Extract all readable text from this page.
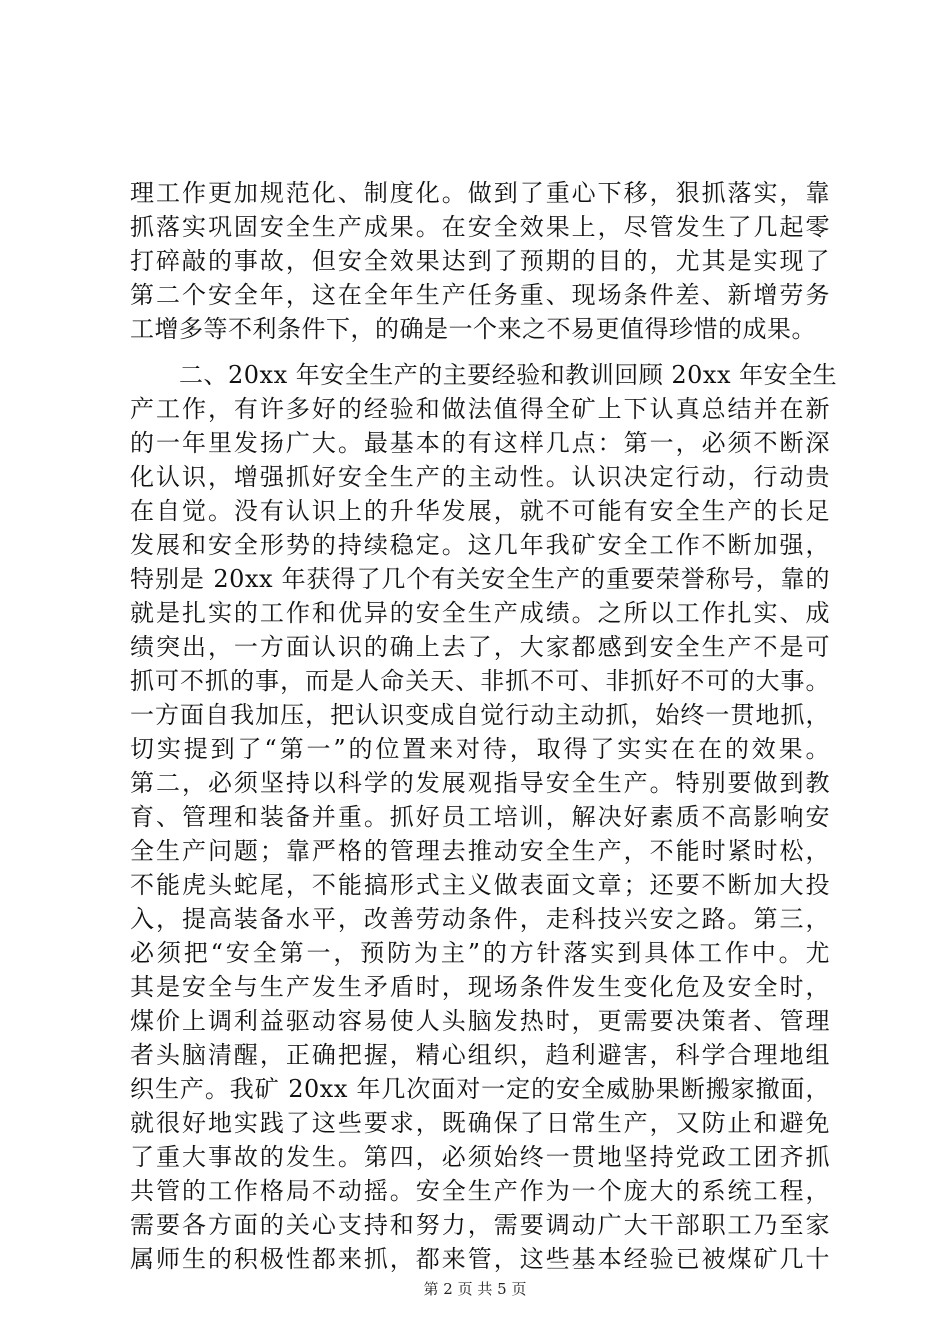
理工作更加规范化、制度化。做到了重心下移，狠抓落实，靠
抓落实巩固安全生产成果。在安全效果上，尽管发生了几起零
打碎敲的事故，但安全效果达到了预期的目的，尤其是实现了
第二个安全年，这在全年生产任务重、现场条件差、新增劳务
工增多等不利条件下，的确是一个来之不易更值得珍惜的成果。
　　二、20xx 年安全生产的主要经验和教训回顾 20xx 年安全生
产工作，有许多好的经验和做法值得全矿上下认真总结并在新
的一年里发扬广大。最基本的有这样几点：第一，必须不断深
化认识，增强抓好安全生产的主动性。认识决定行动，行动贵
在自觉。没有认识上的升华发展，就不可能有安全生产的长足
发展和安全形势的持续稳定。这几年我矿安全工作不断加强，
特别是 20xx 年获得了几个有关安全生产的重要荣誉称号，靠的
就是扎实的工作和优异的安全生产成绩。之所以工作扎实、成
绩突出，一方面认识的确上去了，大家都感到安全生产不是可
抓可不抓的事，而是人命关天、非抓不可、非抓好不可的大事。
一方面自我加压，把认识变成自觉行动主动抓，始终一贯地抓，
切实提到了“第一”的位置来对待，取得了实实在在的效果。
第二，必须坚持以科学的发展观指导安全生产。特别要做到教
育、管理和装备并重。抓好员工培训，解决好素质不高影响安
全生产问题；靠严格的管理去推动安全生产，不能时紧时松，
不能虎头蛇尾，不能搞形式主义做表面文章；还要不断加大投
入，提高装备水平，改善劳动条件，走科技兴安之路。第三，
必须把“安全第一，预防为主”的方针落实到具体工作中。尤
其是安全与生产发生矛盾时，现场条件发生变化危及安全时，
煤价上调利益驱动容易使人头脑发热时，更需要决策者、管理
者头脑清醒，正确把握，精心组织，趋利避害，科学合理地组
织生产。我矿 20xx 年几次面对一定的安全威胁果断搬家撤面，
就很好地实践了这些要求，既确保了日常生产，又防止和避免
了重大事故的发生。第四，必须始终一贯地坚持党政工团齐抓
共管的工作格局不动摇。安全生产作为一个庞大的系统工程，
需要各方面的关心支持和努力，需要调动广大干部职工乃至家
属师生的积极性都来抓，都来管，这些基本经验已被煤矿几十
第 2 页 共 5 页
